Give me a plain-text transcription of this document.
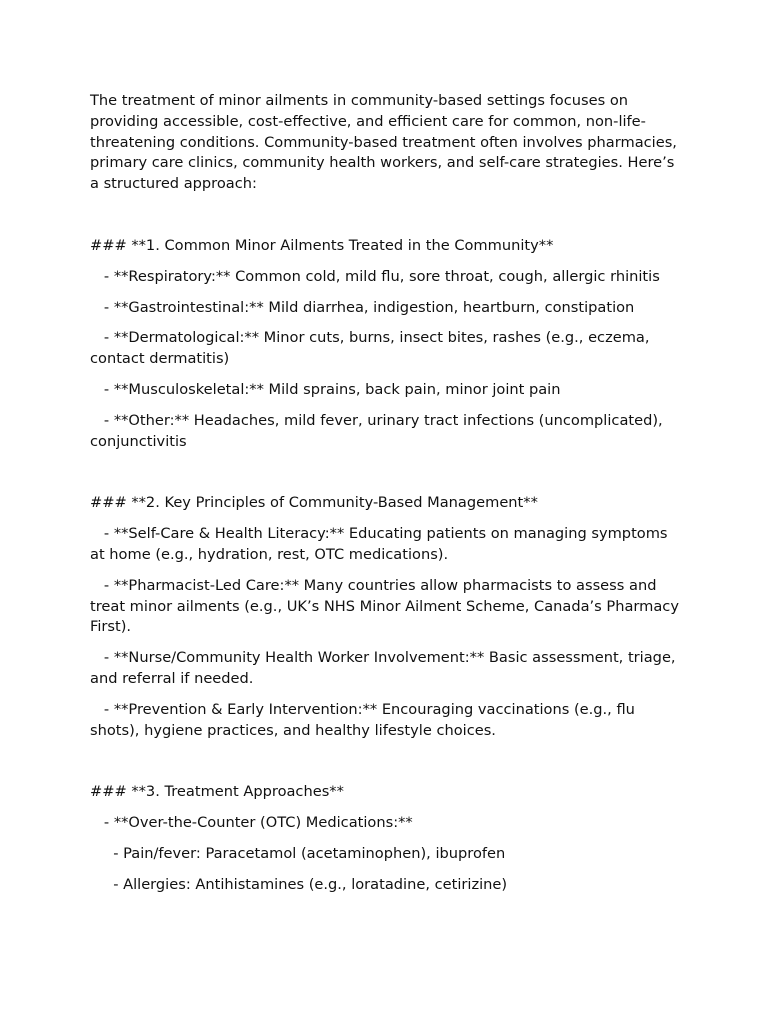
The treatment of minor ailments in community-based settings focuses on providing accessible, cost-effective, and efficient care for common, non-life-threatening conditions. Community-based treatment often involves pharmacies, primary care clinics, community health workers, and self-care strategies. Here’s a structured approach:

### **1. Common Minor Ailments Treated in the Community**

- **Respiratory:** Common cold, mild flu, sore throat, cough, allergic rhinitis

- **Gastrointestinal:** Mild diarrhea, indigestion, heartburn, constipation

- **Dermatological:** Minor cuts, burns, insect bites, rashes (e.g., eczema, contact dermatitis)

- **Musculoskeletal:** Mild sprains, back pain, minor joint pain

- **Other:** Headaches, mild fever, urinary tract infections (uncomplicated), conjunctivitis

### **2. Key Principles of Community-Based Management**

- **Self-Care & Health Literacy:** Educating patients on managing symptoms at home (e.g., hydration, rest, OTC medications).

- **Pharmacist-Led Care:** Many countries allow pharmacists to assess and treat minor ailments (e.g., UK’s NHS Minor Ailment Scheme, Canada’s Pharmacy First).

- **Nurse/Community Health Worker Involvement:** Basic assessment, triage, and referral if needed.

- **Prevention & Early Intervention:** Encouraging vaccinations (e.g., flu shots), hygiene practices, and healthy lifestyle choices.

### **3. Treatment Approaches**

- **Over-the-Counter (OTC) Medications:**

- Pain/fever: Paracetamol (acetaminophen), ibuprofen

- Allergies: Antihistamines (e.g., loratadine, cetirizine)
